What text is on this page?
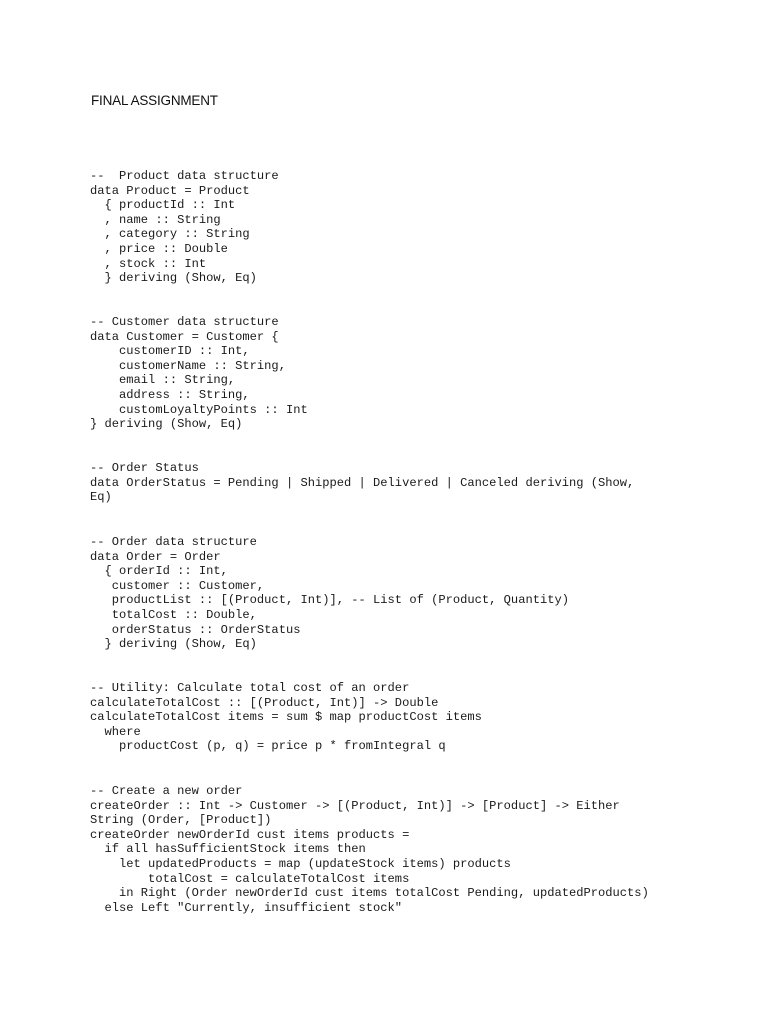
FINAL ASSIGNMENT
--  Product data structure
data Product = Product
{ productId :: Int
, name :: String
, category :: String
, price :: Double
, stock :: Int
} deriving (Show, Eq)
-- Customer data structure
data Customer = Customer {
customerID :: Int,
customerName :: String,
email :: String,
address :: String,
customLoyaltyPoints :: Int
} deriving (Show, Eq)
-- Order Status
data OrderStatus = Pending | Shipped | Delivered | Canceled deriving (Show,
Eq)
-- Order data structure
data Order = Order
{ orderId :: Int,
customer :: Customer,
productList :: [(Product, Int)], -- List of (Product, Quantity)
totalCost :: Double,
orderStatus :: OrderStatus
} deriving (Show, Eq)
-- Utility: Calculate total cost of an order
calculateTotalCost :: [(Product, Int)] -> Double
calculateTotalCost items = sum $ map productCost items
where
productCost (p, q) = price p * fromIntegral q
-- Create a new order
createOrder :: Int -> Customer -> [(Product, Int)] -> [Product] -> Either
String (Order, [Product])
createOrder newOrderId cust items products =
if all hasSufficientStock items then
let updatedProducts = map (updateStock items) products
totalCost = calculateTotalCost items
in Right (Order newOrderId cust items totalCost Pending, updatedProducts)
else Left "Currently, insufficient stock"
